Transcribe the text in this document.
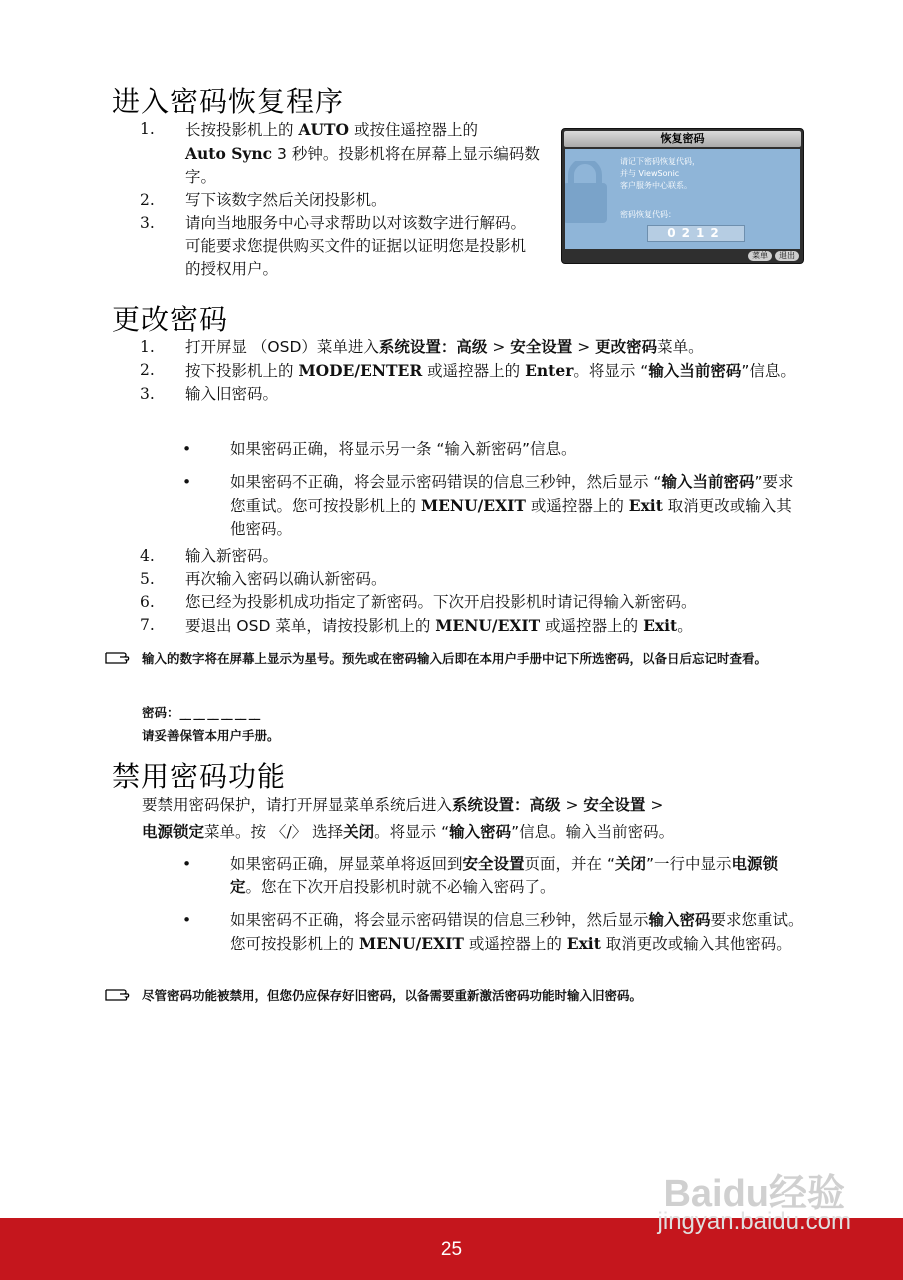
进入密码恢复程序
1.	长按投影机上的 AUTO 或按住遥控器上的
Auto Sync 3 秒钟。投影机将在屏幕上显示编码数字。
2.	写下该数字然后关闭投影机。
3.	请向当地服务中心寻求帮助以对该数字进行解码。可能要求您提供购买文件的证据以证明您是投影机的授权用户。
恢复密码
请记下密码恢复代码，
并与 ViewSonic
客户服务中心联系。
密码恢复代码：
0212
菜单	退出
更改密码
1.	打开屏显 （OSD）菜单进入系统设置：高级 > 安全设置 > 更改密码菜单。
2.	按下投影机上的 MODE/ENTER 或遥控器上的 Enter。将显示 “输入当前密码”信息。
3.	输入旧密码。
•	如果密码正确，将显示另一条 “输入新密码”信息。
•	如果密码不正确，将会显示密码错误的信息三秒钟，然后显示 “输入当前密码”要求您重试。您可按投影机上的 MENU/EXIT 或遥控器上的 Exit 取消更改或输入其他密码。
4.	输入新密码。
5.	再次输入密码以确认新密码。
6.	您已经为投影机成功指定了新密码。下次开启投影机时请记得输入新密码。
7.	要退出 OSD 菜单，请按投影机上的 MENU/EXIT 或遥控器上的 Exit。
输入的数字将在屏幕上显示为星号。预先或在密码输入后即在本用户手册中记下所选密码，以备日后忘记时查看。
密码：__ __ __ __ __ __
请妥善保管本用户手册。
禁用密码功能
要禁用密码保护，请打开屏显菜单系统后进入系统设置：高级 > 安全设置 >
电源锁定菜单。按 〈/〉 选择关闭。将显示 “输入密码”信息。输入当前密码。
•	如果密码正确，屏显菜单将返回到安全设置页面，并在 “关闭”一行中显示电源锁定。您在下次开启投影机时就不必输入密码了。
•	如果密码不正确，将会显示密码错误的信息三秒钟，然后显示输入密码要求您重试。您可按投影机上的 MENU/EXIT 或遥控器上的 Exit 取消更改或输入其他密码。
尽管密码功能被禁用，但您仍应保存好旧密码，以备需要重新激活密码功能时输入旧密码。
Baidu经验
jingyan.baidu.com
25
